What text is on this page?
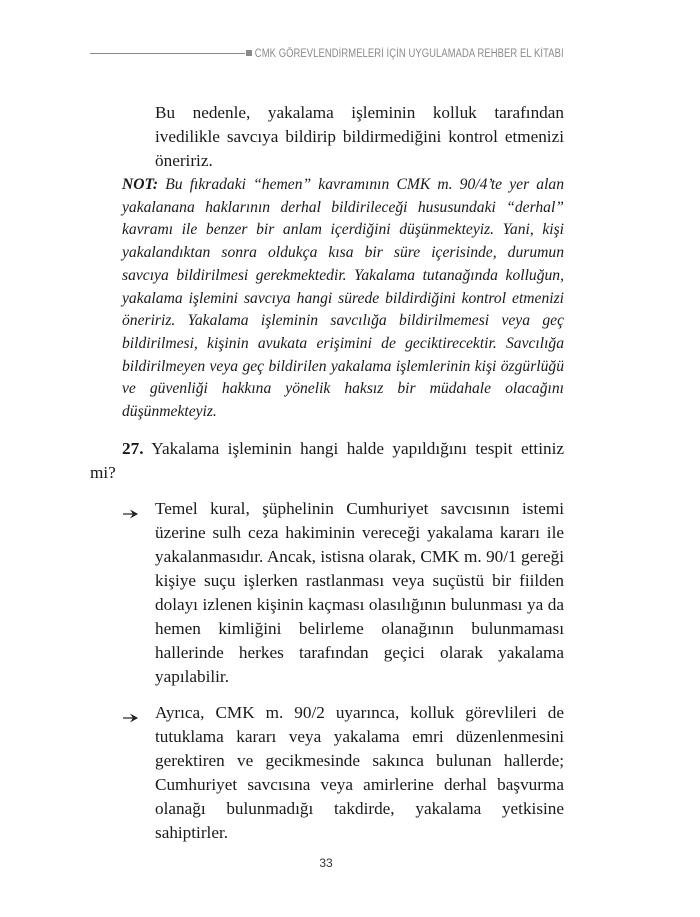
CMK GÖREVLENDİRMELERİ İÇİN UYGULAMADA REHBER EL KİTABI

Bu nedenle, yakalama işleminin kolluk tarafından ivedilikle savcıya bildirip bildirmediğini kontrol etmenizi öneririz.

NOT: Bu fıkradaki “hemen” kavramının CMK m. 90/4’te yer alan yakalanana haklarının derhal bildirileceği hususundaki “derhal” kavramı ile benzer bir anlam içerdiğini düşünmekteyiz. Yani, kişi yakalandıktan sonra oldukça kısa bir süre içerisinde, durumun savcıya bildirilmesi gerekmektedir. Yakalama tutanağında kolluğun, yakalama işlemini savcıya hangi sürede bildirdiğini kontrol etmenizi öneririz. Yakalama işleminin savcılığa bildirilmemesi veya geç bildirilmesi, kişinin avukata erişimini de geciktirecektir. Savcılığa bildirilmeyen veya geç bildirilen yakalama işlemlerinin kişi özgürlüğü ve güvenliği hakkına yönelik haksız bir müdahale olacağını düşünmekteyiz.

27. Yakalama işleminin hangi halde yapıldığını tespit ettiniz mi?

Temel kural, şüphelinin Cumhuriyet savcısının istemi üzerine sulh ceza hakiminin vereceği yakalama kararı ile yakalanmasıdır. Ancak, istisna olarak, CMK m. 90/1 gereği kişiye suçu işlerken rastlanması veya suçüstü bir fiilden dolayı izlenen kişinin kaçması olasılığının bulunması ya da hemen kimliğini belirleme olanağının bulunmaması hallerinde herkes tarafından geçici olarak yakalama yapılabilir.
Ayrıca, CMK m. 90/2 uyarınca, kolluk görevlileri de tutuklama kararı veya yakalama emri düzenlenmesini gerektiren ve gecikmesinde sakınca bulunan hallerde; Cumhuriyet savcısına veya amirlerine derhal başvurma olanağı bulunmadığı takdirde, yakalama yetkisine sahiptirler.
33
